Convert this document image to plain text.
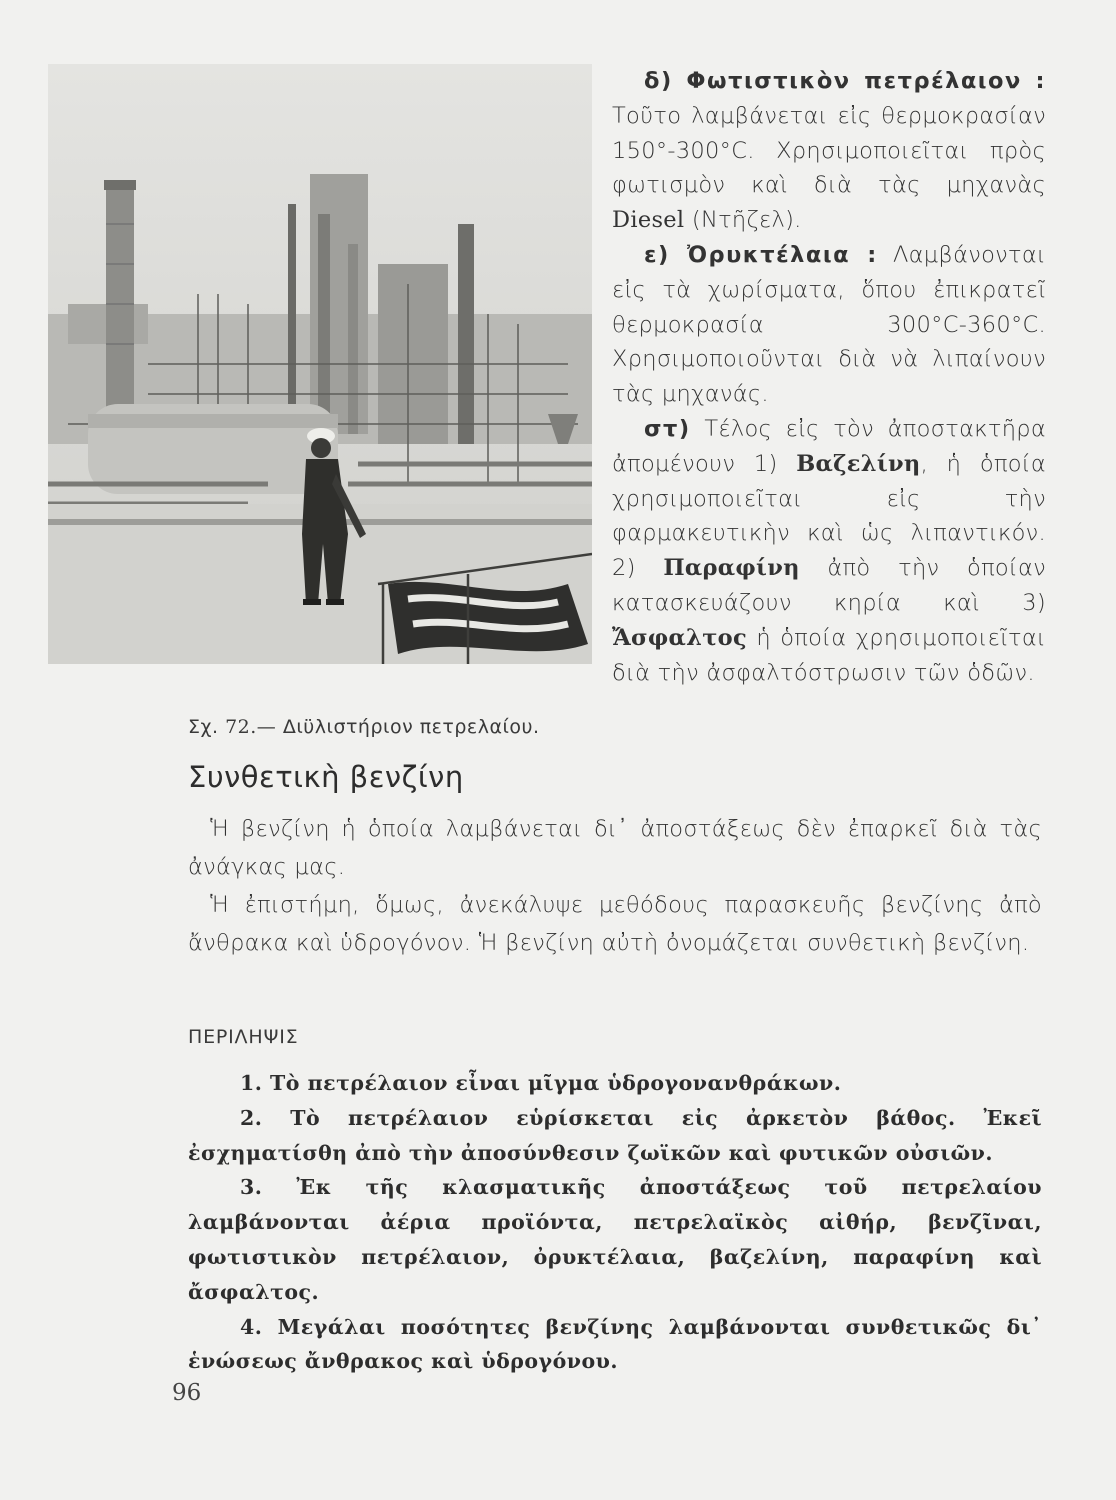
Σχ. 72.— Διϋλιστήριον πετρελαίου.

δ) Φωτιστικὸν πετρέλαιον : Τοῦτο λαμβάνεται εἰς θερμοκρασίαν 150°-300°C. Χρησιμοποιεῖται πρὸς φωτισμὸν καὶ διὰ τὰς μηχανὰς Diesel (Ντῆζελ).

ε) Ὀρυκτέλαια : Λαμβάνονται εἰς τὰ χωρίσματα, ὅπου ἐπικρατεῖ θερμοκρασία 300°C-360°C. Χρησιμοποιοῦνται διὰ νὰ λιπαίνουν τὰς μηχανάς.

στ) Τέλος εἰς τὸν ἀποστακτῆρα ἀπομένουν 1) Βαζελίνη, ἡ ὁποία χρησιμοποιεῖται εἰς τὴν φαρμακευτικὴν καὶ ὡς λιπαντικόν. 2) Παραφίνη ἀπὸ τὴν ὁποίαν κατασκευάζουν κηρία καὶ 3) Ἄσφαλτος ἡ ὁποία χρησιμοποιεῖται διὰ τὴν ἀσφαλτόστρωσιν τῶν ὁδῶν.

Συνθετικὴ βενζίνη

Ἡ βενζίνη ἡ ὁποία λαμβάνεται δι᾽ ἀποστάξεως δὲν ἐπαρκεῖ διὰ τὰς ἀνάγκας μας.

Ἡ ἐπιστήμη, ὅμως, ἀνεκάλυψε μεθόδους παρασκευῆς βενζίνης ἀπὸ ἄνθρακα καὶ ὑδρογόνον. Ἡ βενζίνη αὐτὴ ὀνομάζεται συνθετικὴ βενζίνη.

ΠΕΡΙΛΗΨΙΣ

1. Τὸ πετρέλαιον εἶναι μῖγμα ὑδρογονανθράκων.

2. Τὸ πετρέλαιον εὑρίσκεται εἰς ἀρκετὸν βάθος. Ἐκεῖ ἐσχηματίσθη ἀπὸ τὴν ἀποσύνθεσιν ζωϊκῶν καὶ φυτικῶν οὐσιῶν.

3. Ἐκ τῆς κλασματικῆς ἀποστάξεως τοῦ πετρελαίου λαμβάνονται ἀέρια προϊόντα, πετρελαϊκὸς αἰθήρ, βενζῖναι, φωτιστικὸν πετρέλαιον, ὀρυκτέλαια, βαζελίνη, παραφίνη καὶ ἄσφαλτος.

4. Μεγάλαι ποσότητες βενζίνης λαμβάνονται συνθετικῶς δι᾽ ἑνώσεως ἄνθρακος καὶ ὑδρογόνου.

96
